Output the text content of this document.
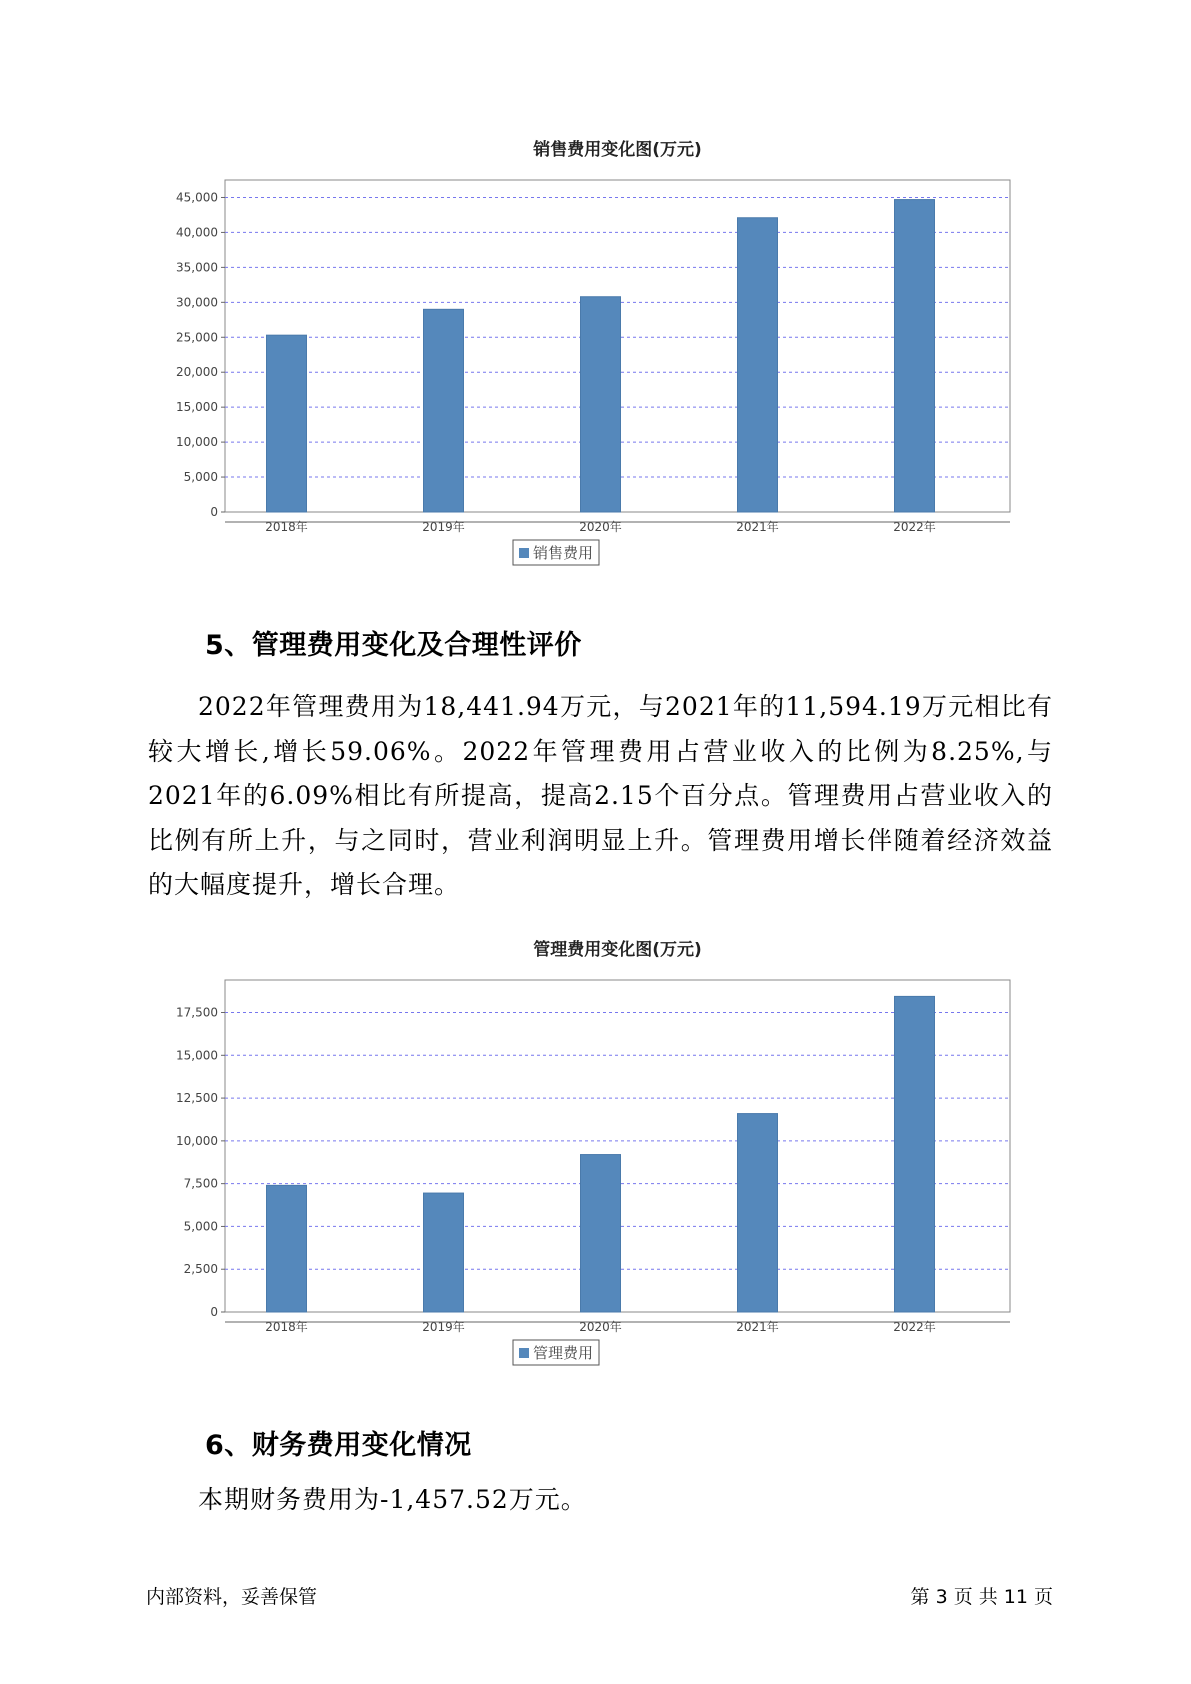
销售费用变化图(万元)
0
5,000
10,000
15,000
20,000
25,000
30,000
35,000
40,000
45,000
2018年	2019年	2020年	2021年	2022年
销售费用
5、管理费用变化及合理性评价

2022年管理费用为18,441.94万元，与2021年的11,594.19万元相比有较大增长,增长59.06%。2022年管理费用占营业收入的比例为8.25%,与2021年的6.09%相比有所提高，提高2.15个百分点。管理费用占营业收入的比例有所上升，与之同时，营业利润明显上升。管理费用增长伴随着经济效益的大幅度提升，增长合理。

管理费用变化图(万元)
0
2,500
5,000
7,500
10,000
12,500
15,000
17,500
2018年	2019年	2020年	2021年	2022年
管理费用
6、财务费用变化情况

本期财务费用为-1,457.52万元。

内部资料，妥善保管	第 3 页 共 11 页
